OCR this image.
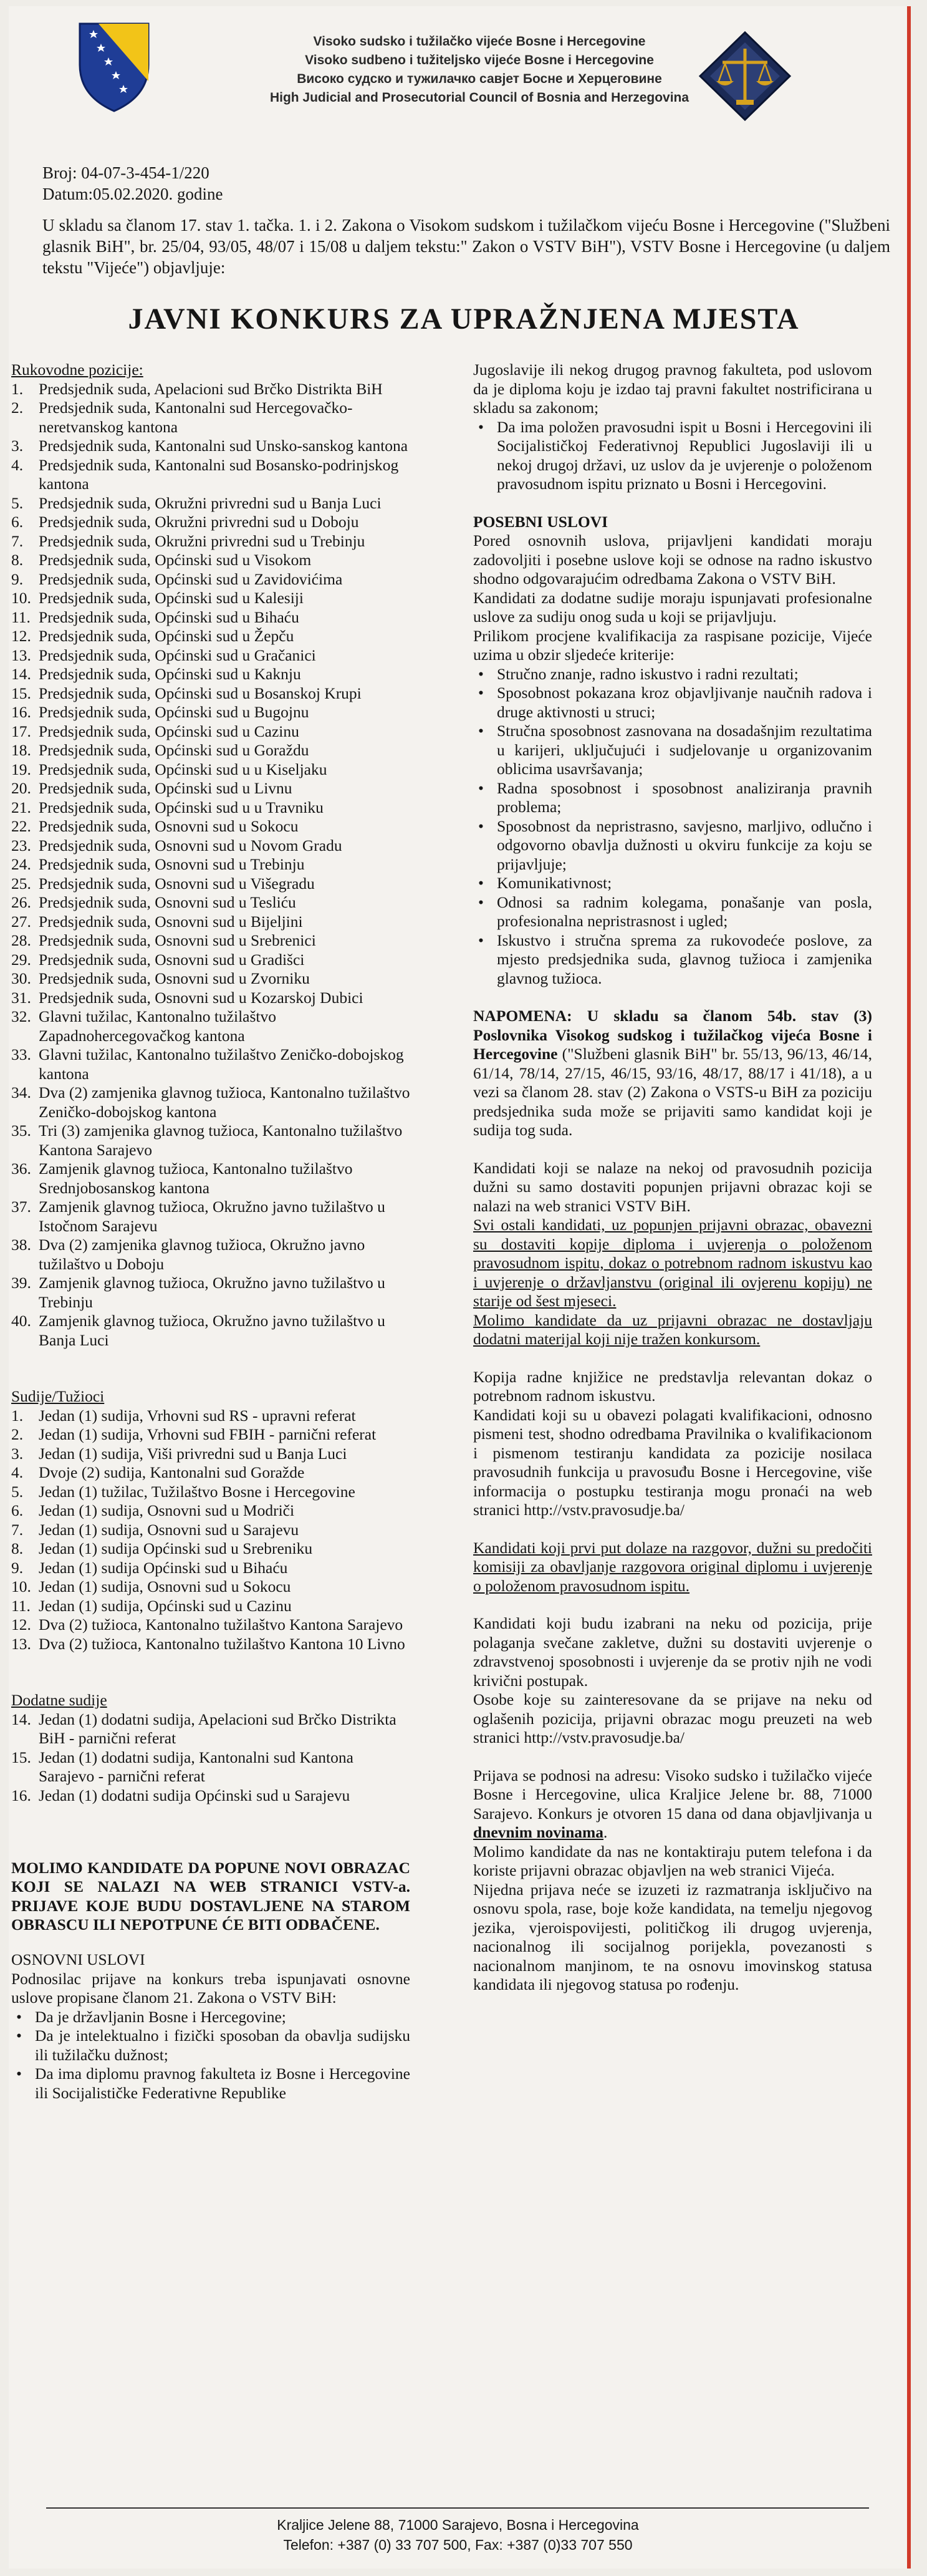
Visoko sudsko i tužilačko vijeće Bosne i Hercegovine
Visoko sudbeno i tužiteljsko vijeće Bosne i Hercegovine
Високо судско и тужилачко савјет Босне и Херцеговине
High Judicial and Prosecutorial Council of Bosnia and Herzegovina
Broj: 04-07-3-454-1/220
Datum:05.02.2020. godine
U skladu sa članom 17. stav 1. tačka. 1. i 2. Zakona o Visokom sudskom i tužilačkom vijeću Bosne i Hercegovine ("Službeni glasnik BiH", br. 25/04, 93/05, 48/07 i 15/08 u daljem tekstu:" Zakon o VSTV BiH"), VSTV Bosne i Hercegovine (u daljem tekstu "Vijeće") objavljuje:
JAVNI KONKURS ZA UPRAŽNJENA MJESTA

Rukovodne pozicije:

1. Predsjednik suda, Apelacioni sud Brčko Distrikta BiH
2. Predsjednik suda, Kantonalni sud Hercegovačko-neretvanskog kantona
3. Predsjednik suda, Kantonalni sud Unsko-sanskog kantona
4. Predsjednik suda, Kantonalni sud Bosansko-podrinjskog kantona
5. Predsjednik suda, Okružni privredni sud u Banja Luci
6. Predsjednik suda, Okružni privredni sud u Doboju
7. Predsjednik suda, Okružni privredni sud u Trebinju
8. Predsjednik suda, Općinski sud u Visokom
9. Predsjednik suda, Općinski sud u Zavidovićima
10. Predsjednik suda, Općinski sud u Kalesiji
11. Predsjednik suda, Općinski sud u Bihaću
12. Predsjednik suda, Općinski sud u Žepču
13. Predsjednik suda, Općinski sud u Gračanici
14. Predsjednik suda, Općinski sud u Kaknju
15. Predsjednik suda, Općinski sud u Bosanskoj Krupi
16. Predsjednik suda, Općinski sud u Bugojnu
17. Predsjednik suda, Općinski sud u Cazinu
18. Predsjednik suda, Općinski sud u Goraždu
19. Predsjednik suda, Općinski sud u u Kiseljaku
20. Predsjednik suda, Općinski sud u Livnu
21. Predsjednik suda, Općinski sud u u Travniku
22. Predsjednik suda, Osnovni sud u Sokocu
23. Predsjednik suda, Osnovni sud u Novom Gradu
24. Predsjednik suda, Osnovni sud u Trebinju
25. Predsjednik suda, Osnovni sud u Višegradu
26. Predsjednik suda, Osnovni sud u Tesliću
27. Predsjednik suda, Osnovni sud u Bijeljini
28. Predsjednik suda, Osnovni sud u Srebrenici
29. Predsjednik suda, Osnovni sud u Gradišci
30. Predsjednik suda, Osnovni sud u Zvorniku
31. Predsjednik suda, Osnovni sud u Kozarskoj Dubici
32. Glavni tužilac, Kantonalno tužilaštvo Zapadnohercegovačkog kantona
33. Glavni tužilac, Kantonalno tužilaštvo Zeničko-dobojskog kantona
34. Dva (2) zamjenika glavnog tužioca, Kantonalno tužilaštvo Zeničko-dobojskog kantona
35. Tri (3) zamjenika glavnog tužioca, Kantonalno tužilaštvo Kantona Sarajevo
36. Zamjenik glavnog tužioca, Kantonalno tužilaštvo Srednjobosanskog kantona
37. Zamjenik glavnog tužioca, Okružno javno tužilaštvo u Istočnom Sarajevu
38. Dva (2) zamjenika glavnog tužioca, Okružno javno tužilaštvo u Doboju
39. Zamjenik glavnog tužioca, Okružno javno tužilaštvo u Trebinju
40. Zamjenik glavnog tužioca, Okružno javno tužilaštvo u Banja Luci

Sudije/Tužioci

1. Jedan (1) sudija, Vrhovni sud RS - upravni referat
2. Jedan (1) sudija, Vrhovni sud FBIH - parnični referat
3. Jedan (1) sudija, Viši privredni sud u Banja Luci
4. Dvoje (2) sudija, Kantonalni sud Goražde
5. Jedan (1) tužilac, Tužilaštvo Bosne i Hercegovine
6. Jedan (1) sudija, Osnovni sud u Modriči
7. Jedan (1) sudija, Osnovni sud u Sarajevu
8. Jedan (1) sudija Općinski sud u Srebreniku
9. Jedan (1) sudija Općinski sud u Bihaću
10. Jedan (1) sudija, Osnovni sud u Sokocu
11. Jedan (1) sudija, Općinski sud u Cazinu
12. Dva (2) tužioca, Kantonalno tužilaštvo Kantona Sarajevo
13. Dva (2) tužioca, Kantonalno tužilaštvo Kantona 10 Livno

Dodatne sudije

14. Jedan (1) dodatni sudija, Apelacioni sud Brčko Distrikta BiH - parnični referat
15. Jedan (1) dodatni sudija, Kantonalni sud Kantona Sarajevo - parnični referat
16. Jedan (1) dodatni sudija Općinski sud u Sarajevu

MOLIMO KANDIDATE DA POPUNE NOVI OBRAZAC KOJI SE NALAZI NA WEB STRANICI VSTV-a. PRIJAVE KOJE BUDU DOSTAVLJENE NA STAROM OBRASCU ILI NEPOTPUNE ĆE BITI ODBAČENE.

OSNOVNI USLOVI

Podnosilac prijave na konkurs treba ispunjavati osnovne uslove propisane članom 21. Zakona o VSTV BiH:

• Da je državljanin Bosne i Hercegovine;
• Da je intelektualno i fizički sposoban da obavlja sudijsku ili tužilačku dužnost;
• Da ima diplomu pravnog fakulteta iz Bosne i Hercegovine ili Socijalističke Federativne Republike

Jugoslavije ili nekog drugog pravnog fakulteta, pod uslovom da je diploma koju je izdao taj pravni fakultet nostrificirana u skladu sa zakonom;

• Da ima položen pravosudni ispit u Bosni i Hercegovini ili Socijalističkoj Federativnoj Republici Jugoslaviji ili u nekoj drugoj državi, uz uslov da je uvjerenje o položenom pravosudnom ispitu priznato u Bosni i Hercegovini.

POSEBNI USLOVI

Pored osnovnih uslova, prijavljeni kandidati moraju zadovoljiti i posebne uslove koji se odnose na radno iskustvo shodno odgovarajućim odredbama Zakona o VSTV BiH.

Kandidati za dodatne sudije moraju ispunjavati profesionalne uslove za sudiju onog suda u koji se prijavljuju.

Prilikom procjene kvalifikacija za raspisane pozicije, Vijeće uzima u obzir sljedeće kriterije:

• Stručno znanje, radno iskustvo i radni rezultati;
• Sposobnost pokazana kroz objavljivanje naučnih radova i druge aktivnosti u struci;
• Stručna sposobnost zasnovana na dosadašnjim rezultatima u karijeri, uključujući i sudjelovanje u organizovanim oblicima usavršavanja;
• Radna sposobnost i sposobnost analiziranja pravnih problema;
• Sposobnost da nepristrasno, savjesno, marljivo, odlučno i odgovorno obavlja dužnosti u okviru funkcije za koju se prijavljuje;
• Komunikativnost;
• Odnosi sa radnim kolegama, ponašanje van posla, profesionalna nepristrasnost i ugled;
• Iskustvo i stručna sprema za rukovodeće poslove, za mjesto predsjednika suda, glavnog tužioca i zamjenika glavnog tužioca.

NAPOMENA: U skladu sa članom 54b. stav (3) Poslovnika Visokog sudskog i tužilačkog vijeća Bosne i Hercegovine ("Službeni glasnik BiH" br. 55/13, 96/13, 46/14, 61/14, 78/14, 27/15, 46/15, 93/16, 48/17, 88/17 i 41/18), a u vezi sa članom 28. stav (2) Zakona o VSTS-u BiH za poziciju predsjednika suda može se prijaviti samo kandidat koji je sudija tog suda.

Kandidati koji se nalaze na nekoj od pravosudnih pozicija dužni su samo dostaviti popunjen prijavni obrazac koji se nalazi na web stranici VSTV BiH.

Svi ostali kandidati, uz popunjen prijavni obrazac, obavezni su dostaviti kopije diploma i uvjerenja o položenom pravosudnom ispitu, dokaz o potrebnom radnom iskustvu kao i uvjerenje o državljanstvu (original ili ovjerenu kopiju) ne starije od šest mjeseci.

Molimo kandidate da uz prijavni obrazac ne dostavljaju dodatni materijal koji nije tražen konkursom.

Kopija radne knjižice ne predstavlja relevantan dokaz o potrebnom radnom iskustvu.

Kandidati koji su u obavezi polagati kvalifikacioni, odnosno pismeni test, shodno odredbama Pravilnika o kvalifikacionom i pismenom testiranju kandidata za pozicije nosilaca pravosudnih funkcija u pravosuđu Bosne i Hercegovine, više informacija o postupku testiranja mogu pronaći na web stranici http://vstv.pravosudje.ba/

Kandidati koji prvi put dolaze na razgovor, dužni su predočiti komisiji za obavljanje razgovora original diplomu i uvjerenje o položenom pravosudnom ispitu.

Kandidati koji budu izabrani na neku od pozicija, prije polaganja svečane zakletve, dužni su dostaviti uvjerenje o zdravstvenoj sposobnosti i uvjerenje da se protiv njih ne vodi krivični postupak.

Osobe koje su zainteresovane da se prijave na neku od oglašenih pozicija, prijavni obrazac mogu preuzeti na web stranici http://vstv.pravosudje.ba/

Prijava se podnosi na adresu: Visoko sudsko i tužilačko vijeće Bosne i Hercegovine, ulica Kraljice Jelene br. 88, 71000 Sarajevo. Konkurs je otvoren 15 dana od dana objavljivanja u dnevnim novinama.

Molimo kandidate da nas ne kontaktiraju putem telefona i da koriste prijavni obrazac objavljen na web stranici Vijeća.

Nijedna prijava neće se izuzeti iz razmatranja isključivo na osnovu spola, rase, boje kože kandidata, na temelju njegovog jezika, vjeroispovijesti, političkog ili drugog uvjerenja, nacionalnog ili socijalnog porijekla, povezanosti s nacionalnom manjinom, te na osnovu imovinskog statusa kandidata ili njegovog statusa po rođenju.

Kraljice Jelene 88, 71000 Sarajevo, Bosna i Hercegovina
Telefon: +387 (0) 33 707 500, Fax: +387 (0)33 707 550
